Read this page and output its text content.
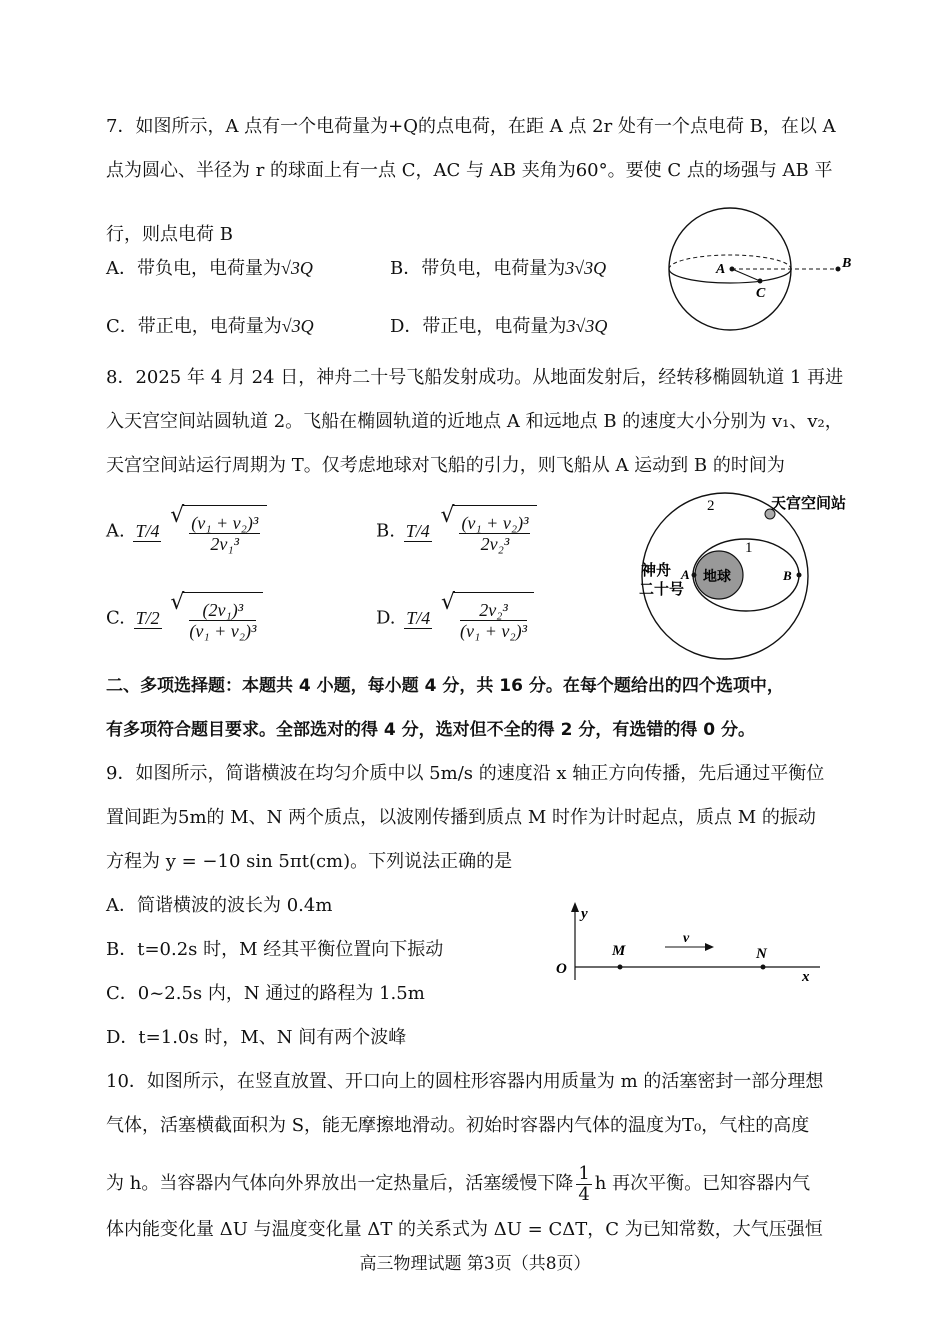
7．如图所示，A 点有一个电荷量为+Q的点电荷，在距 A 点 2r 处有一个点电荷 B，在以 A
点为圆心、半径为 r 的球面上有一点 C，AC 与 AB 夹角为60°。要使 C 点的场强与 AB 平
行，则点电荷 B
A．带负电，电荷量为√3Q	B．带负电，电荷量为3√3Q
C．带正电，电荷量为√3Q	D．带正电，电荷量为3√3Q
A	B
C
8．2025 年 4 月 24 日，神舟二十号飞船发射成功。从地面发射后，经转移椭圆轨道 1 再进
入天宫空间站圆轨道 2。飞船在椭圆轨道的近地点 A 和远地点 B 的速度大小分别为 v₁、v₂，
天宫空间站运行周期为 T。仅考虑地球对飞船的引力，则飞船从 A 运动到 B 的时间为
A. T/4

√ $\frac{\text{(v₁ + v₂)³}}{\text{2v₁³}}$	B. T/4

√ $\frac{\text{(v₁ + v₂)³}}{\text{2v₂³}}$
C. T/2

√ $\frac{\text{(2v₁)³}}{\text{(v₁ + v₂)³}}$	D. T/4

√ $\frac{\text{2v₂³}}{\text{(v₁ + v₂)³}}$
2
1
天宫空间站
地球
神舟
二十号
A	B
二、多项选择题：本题共 4 小题，每小题 4 分，共 16 分。在每个题给出的四个选项中，
有多项符合题目要求。全部选对的得 4 分，选对但不全的得 2 分，有选错的得 0 分。
9．如图所示，简谐横波在均匀介质中以 5m/s 的速度沿 x 轴正方向传播，先后通过平衡位
置间距为5m的 M、N 两个质点，以波刚传播到质点 M 时作为计时起点，质点 M 的振动
方程为 y = −10 sin 5πt(cm)。下列说法正确的是
A．简谐横波的波长为 0.4m
B．t=0.2s 时，M 经其平衡位置向下振动
C．0~2.5s 内，N 通过的路程为 1.5m
D．t=1.0s 时，M、N 间有两个波峰
y
O
M
v
N
x
10．如图所示，在竖直放置、开口向上的圆柱形容器内用质量为 m 的活塞密封一部分理想
气体，活塞横截面积为 S，能无摩擦地滑动。初始时容器内气体的温度为T₀，气柱的高度
为 h。当容器内气体向外界放出一定热量后，活塞缓慢下降 $\frac{1}{4}$ h 再次平衡。已知容器内气
体内能变化量 ΔU 与温度变化量 ΔT 的关系式为 ΔU = CΔT，C 为已知常数，大气压强恒
高三物理试题 第3页（共8页）
